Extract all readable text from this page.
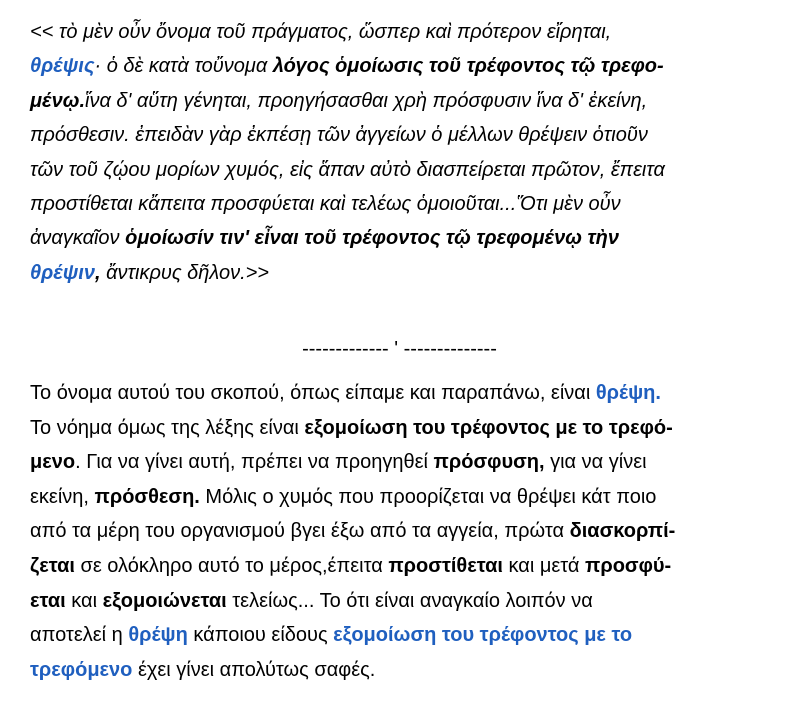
<< τὸ μὲν οὖν ὄνομα τοῦ πράγματος, ὥσπερ καὶ πρότερον εἴρηται,
θρέψις· ὁ δὲ κατὰ τοὔνομα λόγος ὁμοίωσις τοῦ τρέφοντος τῷ τρεφο-
μένῳ.ἵνα δ' αὕτη γένηται, προηγήσασθαι χρὴ πρόσφυσιν ἵνα δ' ἐκείνη,
πρόσθεσιν. ἐπειδὰν γὰρ ἐκπέσῃ τῶν ἀγγείων ὁ μέλλων θρέψειν ὁτιοῦν
τῶν τοῦ ζῴου μορίων χυμός, εἰς ἅπαν αὐτὸ διασπείρεται πρῶτον, ἔπειτα
προστίθεται κἄπειτα προσφύεται καὶ τελέως ὁμοιοῦται...Ὅτι μὲν οὖν
ἀναγκαῖον ὁμοίωσίν τιν' εἶναι τοῦ τρέφοντος τῷ τρεφομένῳ τὴν
θρέψιν, ἄντικρυς δῆλον.>>
------------- ' --------------
Το όνομα αυτού του σκοπού, όπως είπαμε και παραπάνω, είναι θρέψη.
Το νόημα όμως της λέξης είναι εξομοίωση του τρέφοντος με το τρεφό-
μενο. Για να γίνει αυτή, πρέπει να προηγηθεί πρόσφυση, για να γίνει
εκείνη, πρόσθεση. Μόλις ο χυμός που προορίζεται να θρέψει κάτ ποιο
από τα μέρη του οργανισμού βγει έξω από τα αγγεία, πρώτα διασκορπί-
ζεται σε ολόκληρο αυτό το μέρος,έπειτα προστίθεται και μετά προσφύ-
εται και εξομοιώνεται τελείως... Το ότι είναι αναγκαίο λοιπόν να
αποτελεί η θρέψη κάποιου είδους εξομοίωση του τρέφοντος με το
τρεφόμενο έχει γίνει απολύτως σαφές.
